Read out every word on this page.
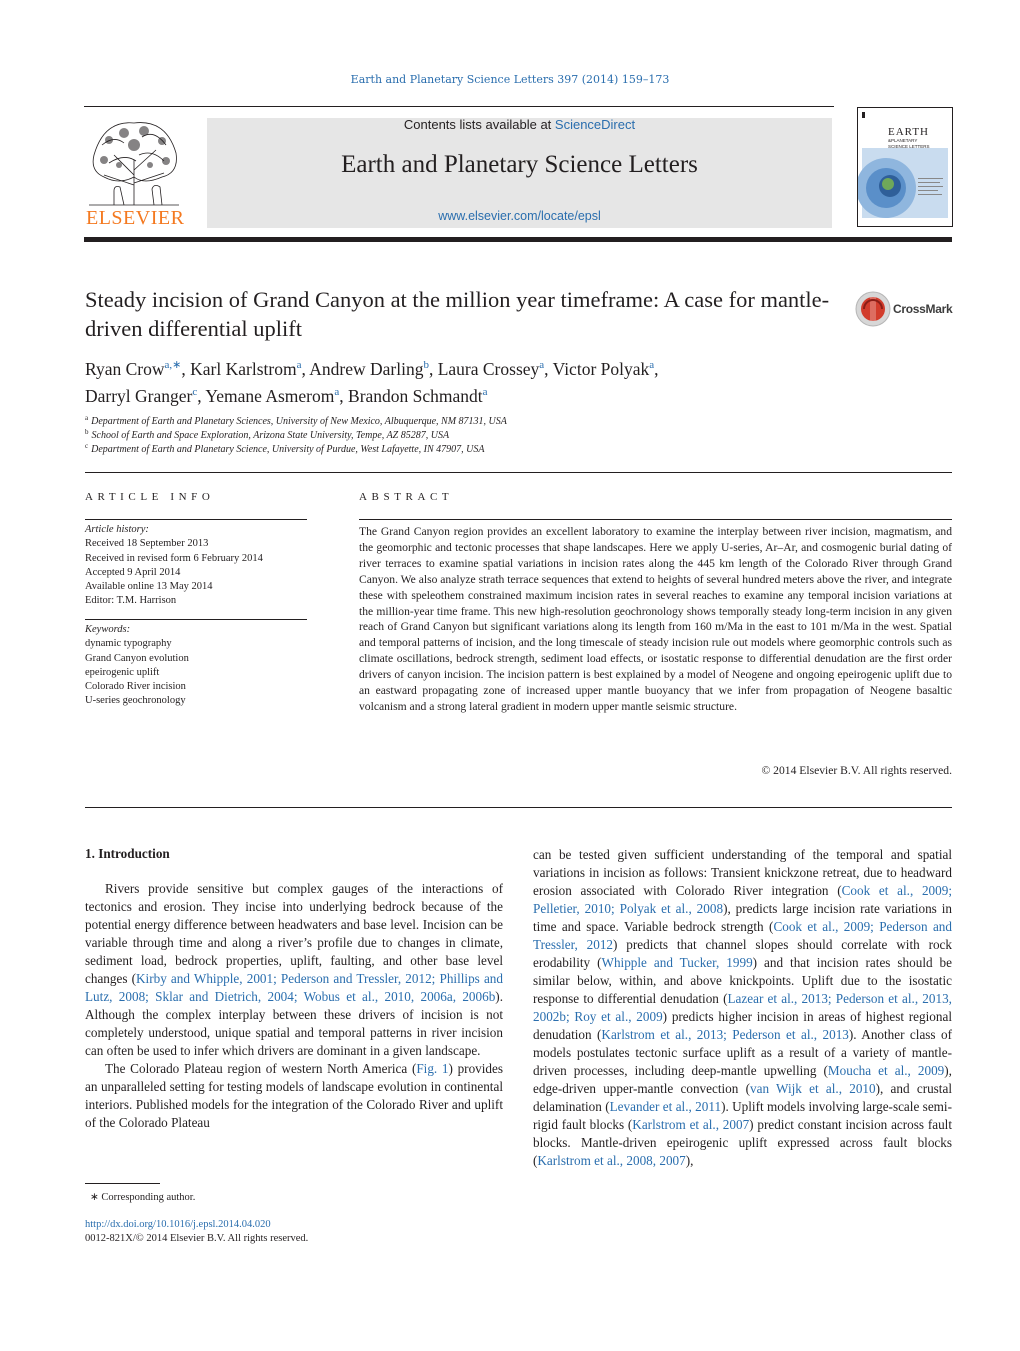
Earth and Planetary Science Letters 397 (2014) 159–173
ELSEVIER
Contents lists available at ScienceDirect
Earth and Planetary Science Letters
www.elsevier.com/locate/epsl
EARTH
&PLANETARY
SCIENCE LETTERS
Steady incision of Grand Canyon at the million year timeframe: A case for mantle-driven differential uplift
CrossMark
Ryan Crow$^{a,∗}$, Karl Karlstrom$^a$, Andrew Darling$^b$, Laura Crossey$^a$, Victor Polyak$^a$,
Darryl Granger$^c$, Yemane Asmerom$^a$, Brandon Schmandt$^a$
$^a$ Department of Earth and Planetary Sciences, University of New Mexico, Albuquerque, NM 87131, USA
$^b$ School of Earth and Space Exploration, Arizona State University, Tempe, AZ 85287, USA
$^c$ Department of Earth and Planetary Science, University of Purdue, West Lafayette, IN 47907, USA
ARTICLE INFO
Article history:
Received 18 September 2013
Received in revised form 6 February 2014
Accepted 9 April 2014
Available online 13 May 2014
Editor: T.M. Harrison
Keywords:
dynamic typography
Grand Canyon evolution
epeirogenic uplift
Colorado River incision
U-series geochronology
ABSTRACT
The Grand Canyon region provides an excellent laboratory to examine the interplay between river incision, magmatism, and the geomorphic and tectonic processes that shape landscapes. Here we apply U-series, Ar–Ar, and cosmogenic burial dating of river terraces to examine spatial variations in incision rates along the 445 km length of the Colorado River through Grand Canyon. We also analyze strath terrace sequences that extend to heights of several hundred meters above the river, and integrate these with speleothem constrained maximum incision rates in several reaches to examine any temporal incision variations at the million-year time frame. This new high-resolution geochronology shows temporally steady long-term incision in any given reach of Grand Canyon but significant variations along its length from 160 m/Ma in the east to 101 m/Ma in the west. Spatial and temporal patterns of incision, and the long timescale of steady incision rule out models where geomorphic controls such as climate oscillations, bedrock strength, sediment load effects, or isostatic response to differential denudation are the first order drivers of canyon incision. The incision pattern is best explained by a model of Neogene and ongoing epeirogenic uplift due to an eastward propagating zone of increased upper mantle buoyancy that we infer from propagation of Neogene basaltic volcanism and a strong lateral gradient in modern upper mantle seismic structure.
© 2014 Elsevier B.V. All rights reserved.
1. Introduction

Rivers provide sensitive but complex gauges of the interactions of tectonics and erosion. They incise into underlying bedrock because of the potential energy difference between headwaters and base level. Incision can be variable through time and along a river’s profile due to changes in climate, sediment load, bedrock properties, uplift, faulting, and other base level changes (Kirby and Whipple, 2001; Pederson and Tressler, 2012; Phillips and Lutz, 2008; Sklar and Dietrich, 2004; Wobus et al., 2010, 2006a, 2006b). Although the complex interplay between these drivers of incision is not completely understood, unique spatial and temporal patterns in river incision can often be used to infer which drivers are dominant in a given landscape.

The Colorado Plateau region of western North America (Fig. 1) provides an unparalleled setting for testing models of landscape evolution in continental interiors. Published models for the integration of the Colorado River and uplift of the Colorado Plateau

can be tested given sufficient understanding of the temporal and spatial variations in incision as follows: Transient knickzone retreat, due to headward erosion associated with Colorado River integration (Cook et al., 2009; Pelletier, 2010; Polyak et al., 2008), predicts large incision rate variations in time and space. Variable bedrock strength (Cook et al., 2009; Pederson and Tressler, 2012) predicts that channel slopes should correlate with rock erodability (Whipple and Tucker, 1999) and that incision rates should be similar below, within, and above knickpoints. Uplift due to the isostatic response to differential denudation (Lazear et al., 2013; Pederson et al., 2013, 2002b; Roy et al., 2009) predicts higher incision in areas of highest regional denudation (Karlstrom et al., 2013; Pederson et al., 2013). Another class of models postulates tectonic surface uplift as a result of a variety of mantle-driven processes, including deep-mantle upwelling (Moucha et al., 2009), edge-driven upper-mantle convection (van Wijk et al., 2010), and crustal delamination (Levander et al., 2011). Uplift models involving large-scale semi-rigid fault blocks (Karlstrom et al., 2007) predict constant incision across fault blocks. Mantle-driven epeirogenic uplift expressed across fault blocks (Karlstrom et al., 2008, 2007),

∗ Corresponding author.
http://dx.doi.org/10.1016/j.epsl.2014.04.020
0012-821X/© 2014 Elsevier B.V. All rights reserved.
